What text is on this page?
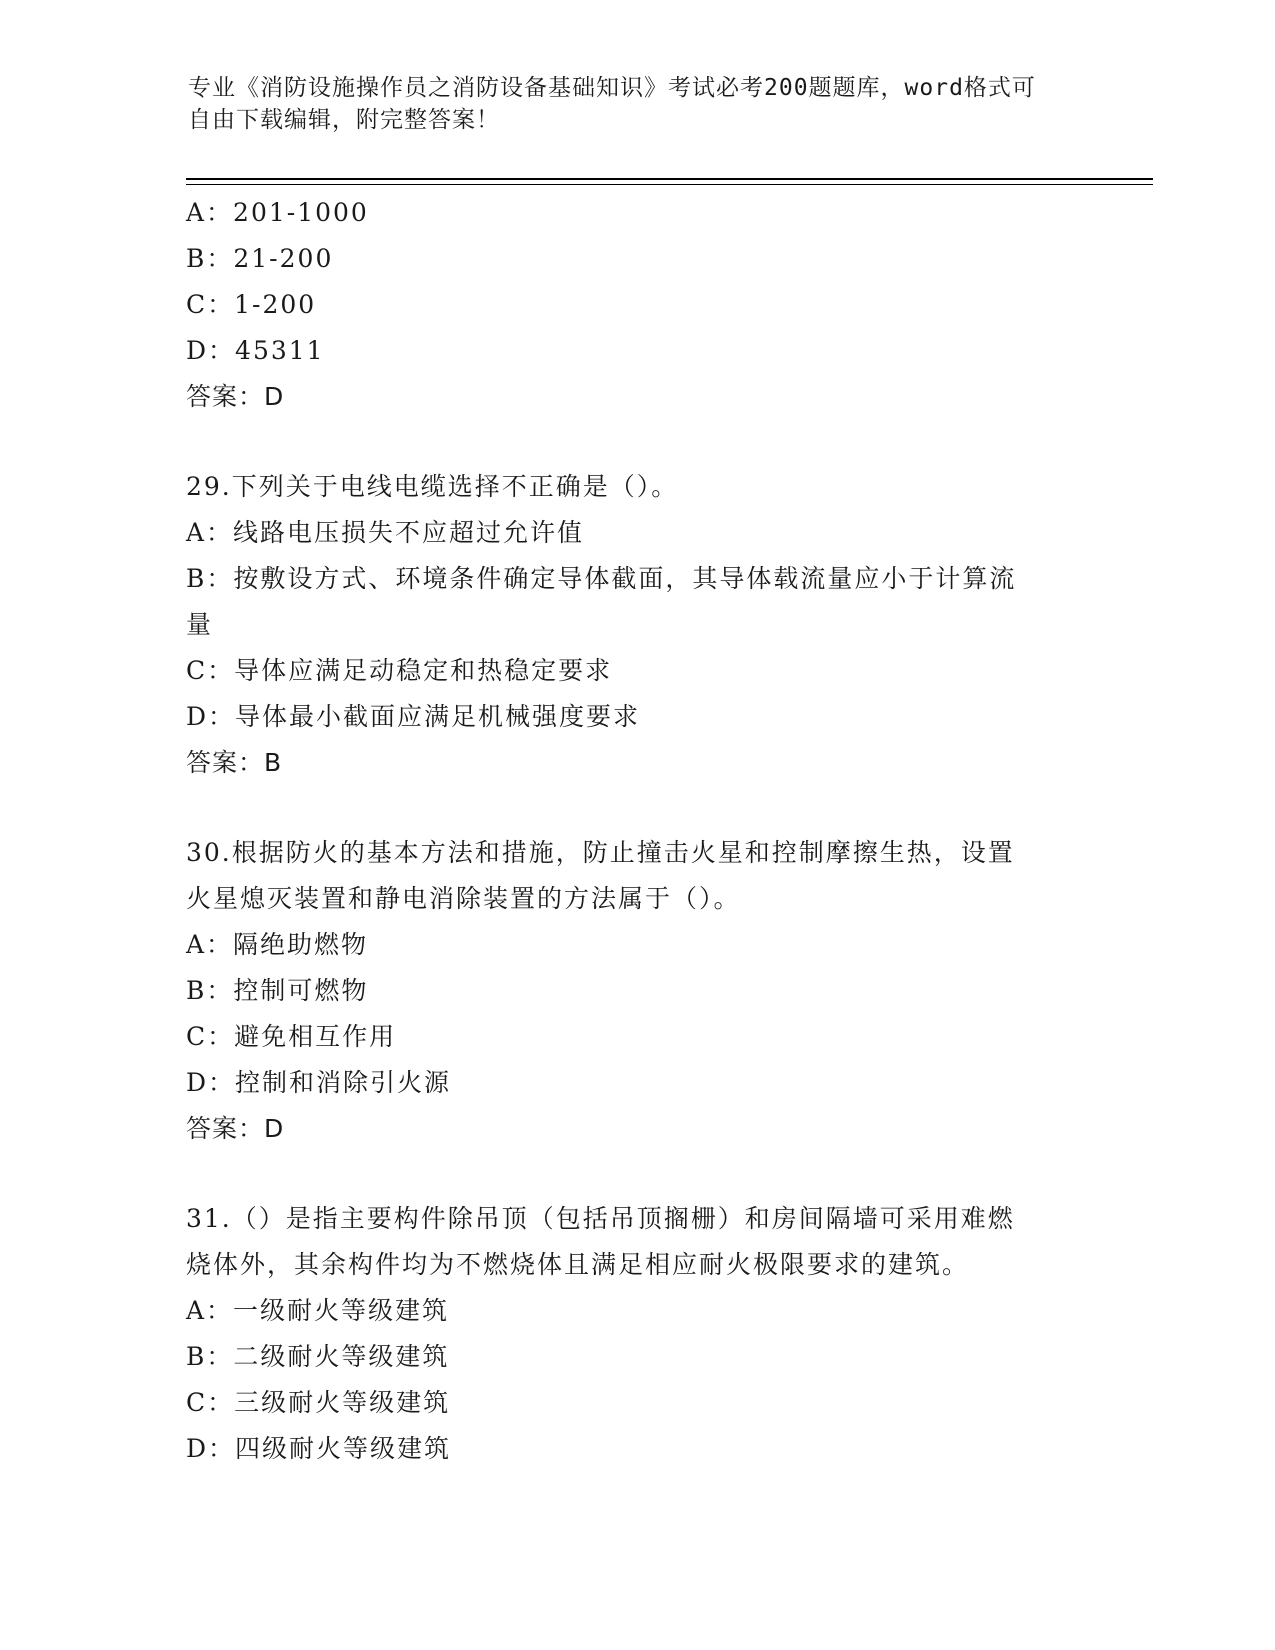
专业《消防设施操作员之消防设备基础知识》考试必考200题题库，word格式可
自由下载编辑，附完整答案！
A：201-1000
B：21-200
C：1-200
D：45311
答案：D
29.下列关于电线电缆选择不正确是（）。
A：线路电压损失不应超过允许值
B：按敷设方式、环境条件确定导体截面，其导体载流量应小于计算流
量
C：导体应满足动稳定和热稳定要求
D：导体最小截面应满足机械强度要求
答案：B
30.根据防火的基本方法和措施，防止撞击火星和控制摩擦生热，设置
火星熄灭装置和静电消除装置的方法属于（）。
A：隔绝助燃物
B：控制可燃物
C：避免相互作用
D：控制和消除引火源
答案：D
31.（）是指主要构件除吊顶（包括吊顶搁栅）和房间隔墙可采用难燃
烧体外，其余构件均为不燃烧体且满足相应耐火极限要求的建筑。
A：一级耐火等级建筑
B：二级耐火等级建筑
C：三级耐火等级建筑
D：四级耐火等级建筑
